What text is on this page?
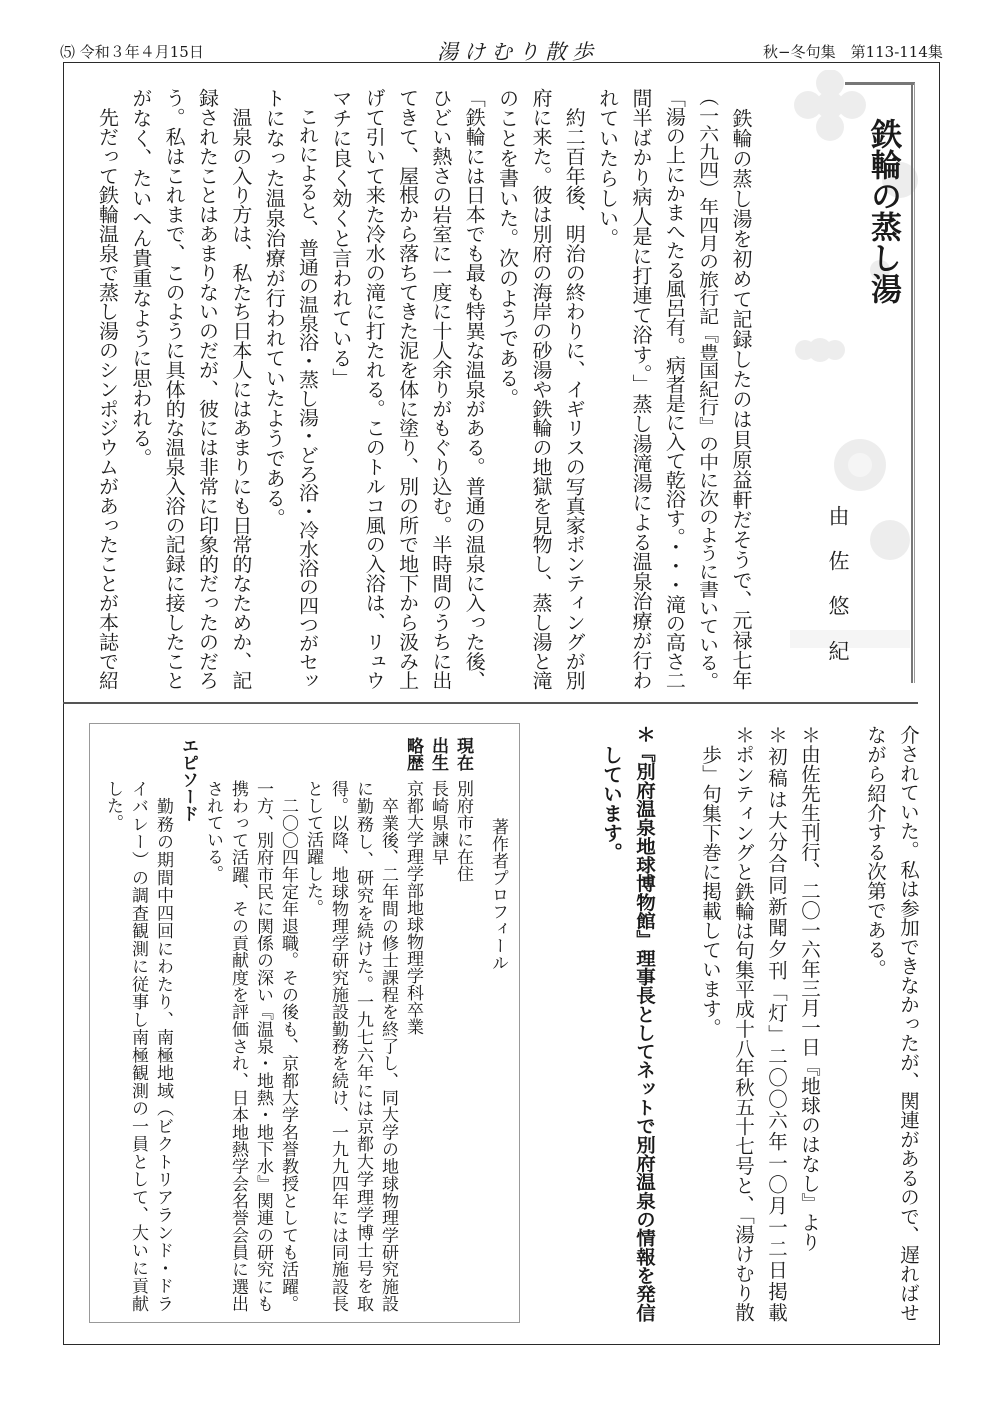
⑸ 令和３年４月15日	湯けむり散歩	秋−冬句集　第113-114集
鉄輪の蒸し湯
由佐悠紀
　鉄輪の蒸し湯を初めて記録したのは貝原益軒だそうで、元禄七年
（一六九四）年四月の旅行記『豊国紀行』の中に次のように書いている。
「湯の上にかまへたる風呂有。病者是に入て乾浴す。・・・滝の高さ二
間半ばかり病人是に打連て浴す。」蒸し湯滝湯による温泉治療が行わ
れていたらしい。
　約二百年後、明治の終わりに、イギリスの写真家ポンティングが別
府に来た。彼は別府の海岸の砂湯や鉄輪の地獄を見物し、蒸し湯と滝
のことを書いた。次のようである。
「鉄輪には日本でも最も特異な温泉がある。普通の温泉に入った後、
ひどい熱さの岩室に一度に十人余りがもぐり込む。半時間のうちに出
てきて、屋根から落ちてきた泥を体に塗り、別の所で地下から汲み上
げて引いて来た冷水の滝に打たれる。このトルコ風の入浴は、リュウ
マチに良く効くと言われている」
　これによると、普通の温泉浴・蒸し湯・どろ浴・冷水浴の四つがセッ
トになった温泉治療が行われていたようである。
　温泉の入り方は、私たち日本人にはあまりにも日常的なためか、記
録されたことはあまりないのだが、彼には非常に印象的だったのだろ
う。私はこれまで、このように具体的な温泉入浴の記録に接したこと
がなく、たいへん貴重なように思われる。
　先だって鉄輪温泉で蒸し湯のシンポジウムがあったことが本誌で紹
介されていた。私は参加できなかったが、関連があるので、遅ればせ
ながら紹介する次第である。
＊由佐先生刊行、二〇一六年三月一日『地球のはなし』より
＊初稿は大分合同新聞夕刊「灯」二〇〇六年一〇月一二日掲載
＊ポンティングと鉄輪は句集平成十八年秋五十七号と、「湯けむり散
歩」句集下巻に掲載しています。
＊『別府温泉地球博物館』理事長としてネットで別府温泉の情報を発信
しています。
著作者プロフィール
現在別府市に在住
出生長崎県諫早
略歴京都大学理学部地球物理学科卒業
　卒業後、二年間の修士課程を終了し、同大学の地球物理学研究施設
に勤務し、研究を続けた。一九七六年には京都大学理学博士号を取
得。以降、地球物理学研究施設勤務を続け、一九九四年には同施設長
として活躍した。
　二〇〇四年定年退職。その後も、京都大学名誉教授としても活躍。
一方、別府市民に関係の深い『温泉・地熱・地下水』関連の研究にも
携わって活躍、その貢献度を評価され、日本地熱学会名誉会員に選出
されている。
エピソード
　勤務の期間中四回にわたり、南極地域（ビクトリアランド・ドラ
イバレー）の調査観測に従事し南極観測の一員として、大いに貢献
した。
